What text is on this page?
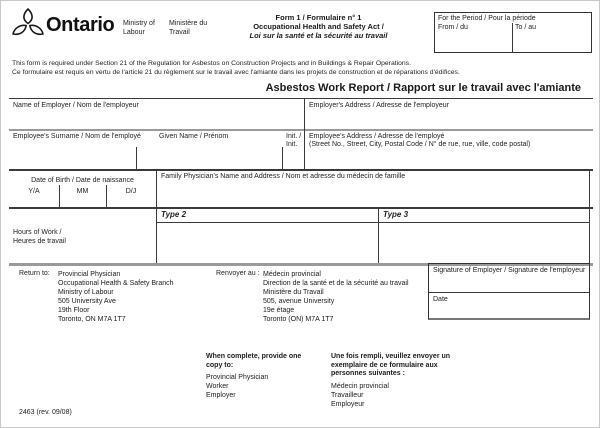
Ontario Ministry of Labour
Ministère du Travail
Form 1 / Formulaire n° 1
Occupational Health and Safety Act /
Loi sur la santé et la sécurité au travail
For the Period / Pour la période
From / du	To / au
This form is required under Section 21 of the Regulation for Asbestos on Construction Projects and in Buildings & Repair Operations.
Ce formulaire est requis en vertu de l'article 21 du règlement sur le travail avec l'amiante dans les projets de construction et de réparations d'édifices.
Asbestos Work Report / Rapport sur le travail avec l'amiante
Name of Employer / Nom de l'employeur	Employer's Address / Adresse de l'employeur
Employee's Surname / Nom de l'employé	Given Name / Prénom	Init. /
Init.
Employee's Address / Adresse de l'employé
(Street No., Street, City, Postal Code / N° de rue, rue, ville, code postal)
Date of Birth / Date de naissance
Y/A	MM	D/J
Family Physician's Name and Address / Nom et adresse du médecin de famille
Type 2	Type 3
Hours of Work /
Heures de travail
Return to: Provincial Physician
Occupational Health & Safety Branch
Ministry of Labour
505 University Ave
19th Floor
Toronto, ON M7A 1T7
Renvoyer au : Médecin provincial
Direction de la santé et de la sécurité au travail
Ministère du Travail
505, avenue University
19e étage
Toronto (ON) M7A 1T7
Signature of Employer / Signature de l'employeur
Date
When complete, provide one copy to:
Provincial Physician
Worker
Employer
Une fois rempli, veuillez envoyer un exemplaire de ce formulaire aux personnes suivantes :
Médecin provincial
Travailleur
Employeur
2463 (rev. 09/08)
